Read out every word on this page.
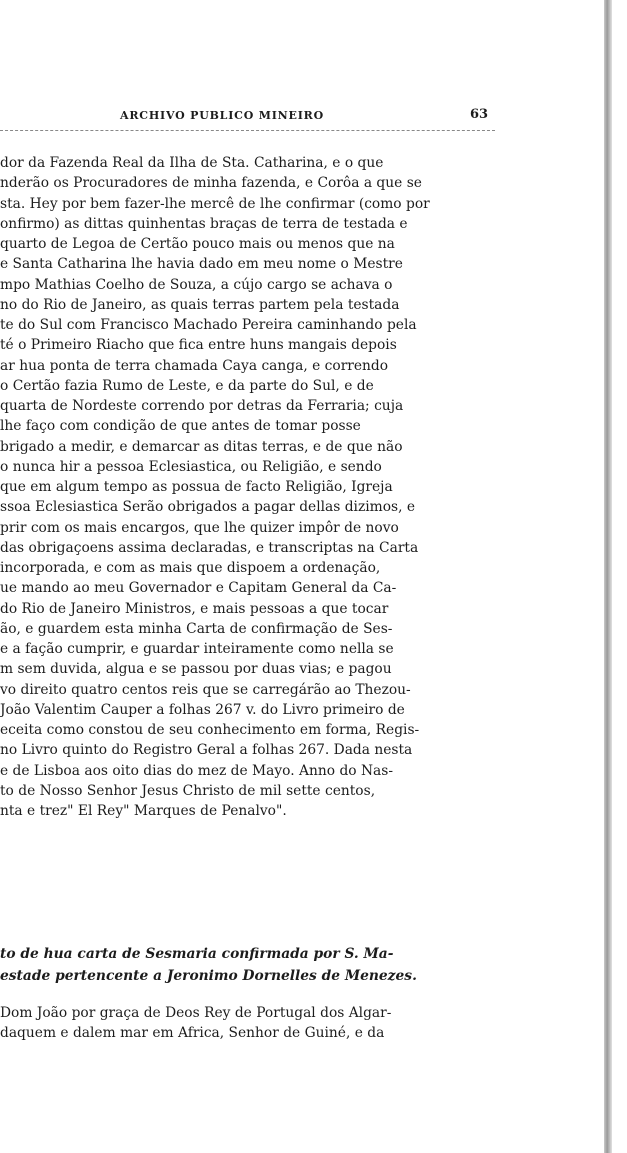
ARCHIVO PUBLICO MINEIRO	63
dor da Fazenda Real da Ilha de Sta. Catharina, e o que
nderão os Procuradores de minha fazenda, e Corôa a que se
sta. Hey por bem fazer-lhe mercê de lhe confirmar (como por
onfirmo) as dittas quinhentas braças de terra de testada e
quarto de Legoa de Certão pouco mais ou menos que na
e Santa Catharina lhe havia dado em meu nome o Mestre
mpo Mathias Coelho de Souza, a cújo cargo se achava o
no do Rio de Janeiro, as quais terras partem pela testada
te do Sul com Francisco Machado Pereira caminhando pela
té o Primeiro Riacho que fica entre huns mangais depois
ar hua ponta de terra chamada Caya canga, e correndo
o Certão fazia Rumo de Leste, e da parte do Sul, e de
quarta de Nordeste correndo por detras da Ferraria; cuja
lhe faço com condição de que antes de tomar posse
brigado a medir, e demarcar as ditas terras, e de que não
o nunca hir a pessoa Eclesiastica, ou Religião, e sendo
que em algum tempo as possua de facto Religião, Igreja
ssoa Eclesiastica Serão obrigados a pagar dellas dizimos, e
prir com os mais encargos, que lhe quizer impôr de novo
das obrigaçoens assima declaradas, e transcriptas na Carta
incorporada, e com as mais que dispoem a ordenação,
ue mando ao meu Governador e Capitam General da Ca-
do Rio de Janeiro Ministros, e mais pessoas a que tocar
ão, e guardem esta minha Carta de confirmação de Ses-
e a fação cumprir, e guardar inteiramente como nella se
m sem duvida, algua e se passou por duas vias; e pagou
vo direito quatro centos reis que se carregárão ao Thezou-
João Valentim Cauper a folhas 267 v. do Livro primeiro de
eceita como constou de seu conhecimento em forma, Regis-
no Livro quinto do Registro Geral a folhas 267. Dada nesta
e de Lisboa aos oito dias do mez de Mayo. Anno do Nas-
to de Nosso Senhor Jesus Christo de mil sette centos,
nta e trez" El Rey" Marques de Penalvo".
to de hua carta de Sesmaria confirmada por S. Ma-
estade pertencente a Jeronimo Dornelles de Menezes.
Dom João por graça de Deos Rey de Portugal dos Algar-
daquem e dalem mar em Africa, Senhor de Guiné, e da
